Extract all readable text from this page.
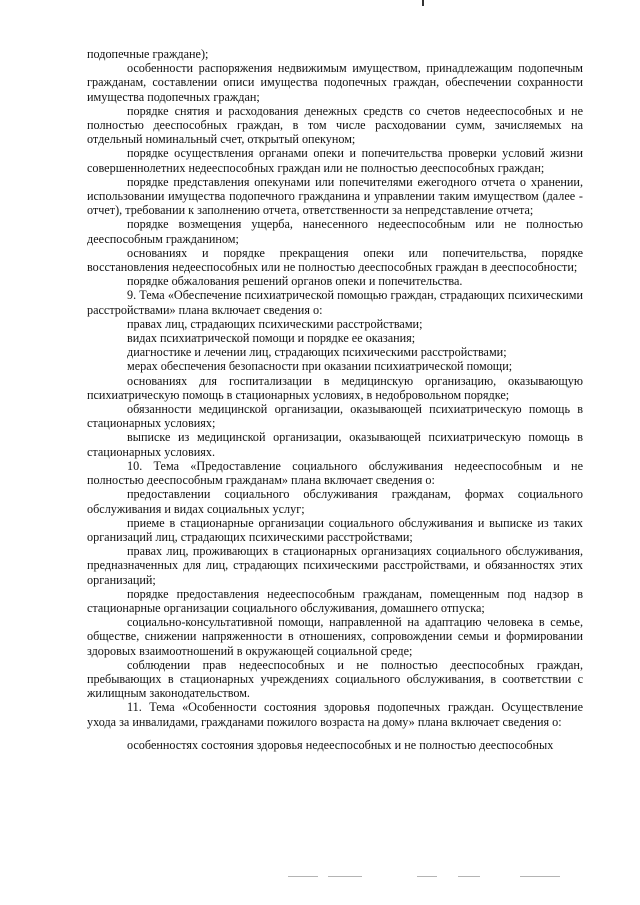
подопечные граждане);

особенности распоряжения недвижимым имуществом, принадлежащим подопечным гражданам, составлении описи имущества подопечных граждан, обеспечении сохранности имущества подопечных граждан;

порядке снятия и расходования денежных средств со счетов недееспособных и не полностью дееспособных граждан, в том числе расходовании сумм, зачисляемых на отдельный номинальный счет, открытый опекуном;

порядке осуществления органами опеки и попечительства проверки условий жизни совершеннолетних недееспособных граждан или не полностью дееспособных граждан;

порядке представления опекунами или попечителями ежегодного отчета о хранении, использовании имущества подопечного гражданина и управлении таким имуществом (далее - отчет), требовании к заполнению отчета, ответственности за непредставление отчета;

порядке возмещения ущерба, нанесенного недееспособным или не полностью дееспособным гражданином;

основаниях и порядке прекращения опеки или попечительства, порядке восстановления недееспособных или не полностью дееспособных граждан в дееспособности;

порядке обжалования решений органов опеки и попечительства.

9. Тема «Обеспечение психиатрической помощью граждан, страдающих психическими расстройствами» плана включает сведения о:

правах лиц, страдающих психическими расстройствами;

видах психиатрической помощи и порядке ее оказания;

диагностике и лечении лиц, страдающих психическими расстройствами;

мерах обеспечения безопасности при оказании психиатрической помощи;

основаниях для госпитализации в медицинскую организацию, оказывающую психиатрическую помощь в стационарных условиях, в недобровольном порядке;

обязанности медицинской организации, оказывающей психиатрическую помощь в стационарных условиях;

выписке из медицинской организации, оказывающей психиатрическую помощь в стационарных условиях.

10. Тема «Предоставление социального обслуживания недееспособным и не полностью дееспособным гражданам» плана включает сведения о:

предоставлении социального обслуживания гражданам, формах социального обслуживания и видах социальных услуг;

приеме в стационарные организации социального обслуживания и выписке из таких организаций лиц, страдающих психическими расстройствами;

правах лиц, проживающих в стационарных организациях социального обслуживания, предназначенных для лиц, страдающих психическими расстройствами, и обязанностях этих организаций;

порядке предоставления недееспособным гражданам, помещенным под надзор в стационарные организации социального обслуживания, домашнего отпуска;

социально-консультативной помощи, направленной на адаптацию человека в семье, обществе, снижении напряженности в отношениях, сопровождении семьи и формировании здоровых взаимоотношений в окружающей социальной среде;

соблюдении прав недееспособных и не полностью дееспособных граждан, пребывающих в стационарных учреждениях социального обслуживания, в соответствии с жилищным законодательством.

11. Тема «Особенности состояния здоровья подопечных граждан. Осуществление ухода за инвалидами, гражданами пожилого возраста на дому» плана включает сведения о:

особенностях состояния здоровья недееспособных и не полностью дееспособных
